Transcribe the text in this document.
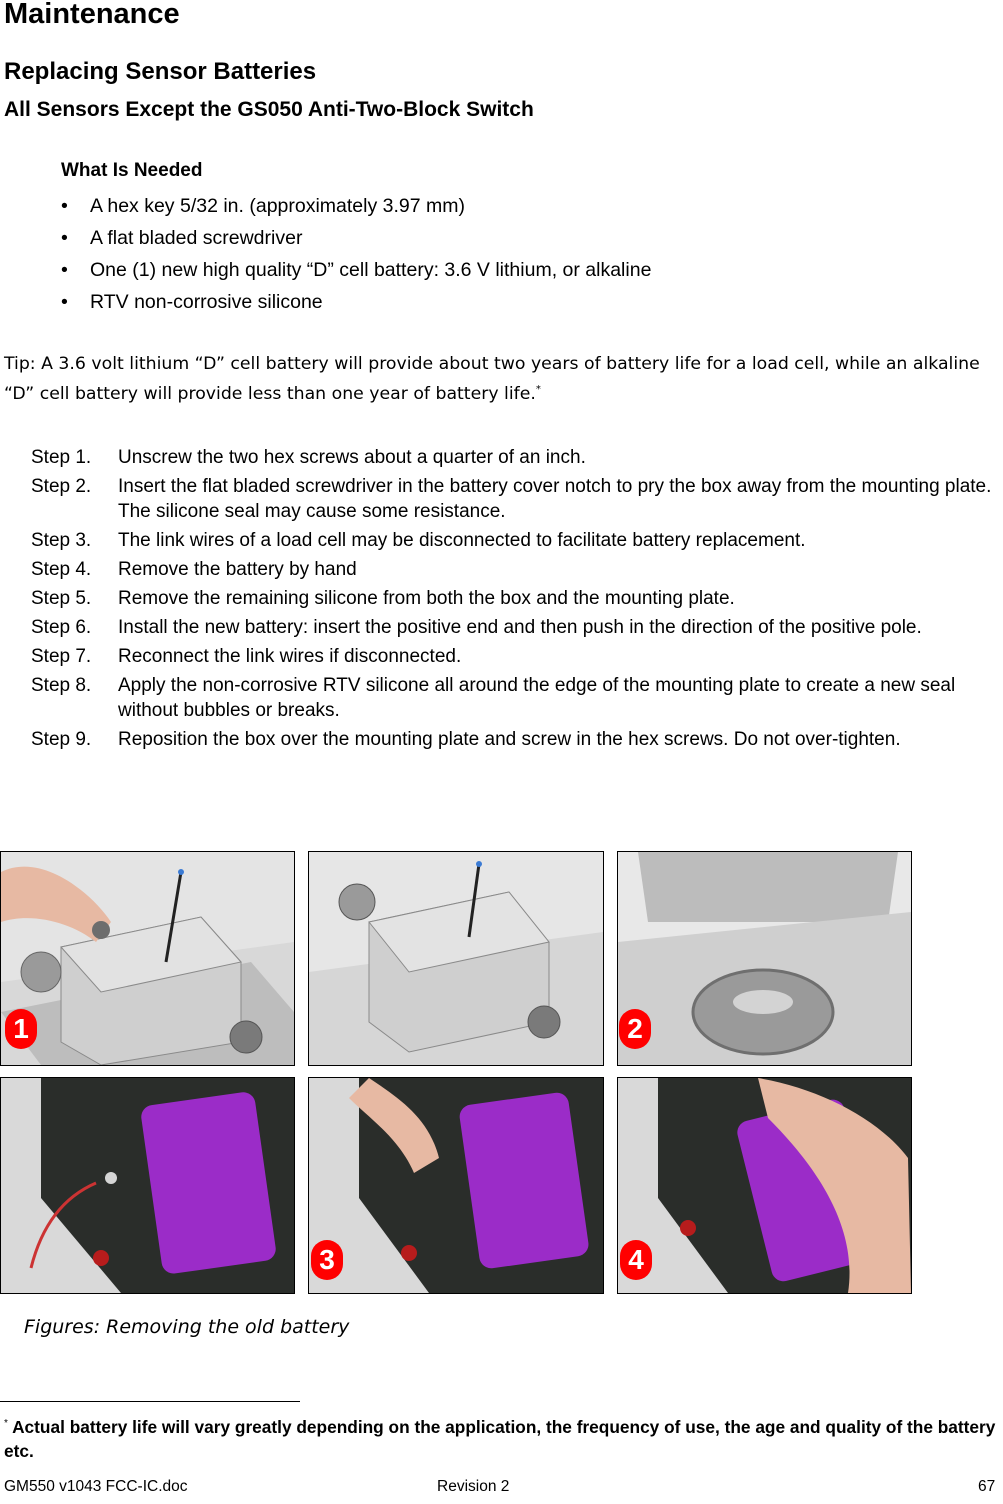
Maintenance
Replacing Sensor Batteries
All Sensors Except the GS050 Anti-Two-Block Switch
What Is Needed
• A hex key 5/32 in. (approximately 3.97 mm)
• A flat bladed screwdriver
• One (1) new high quality “D” cell battery: 3.6 V lithium, or alkaline
• RTV non-corrosive silicone
Tip: A 3.6 volt lithium “D” cell battery will provide about two years of battery life for a load cell, while an alkaline “D” cell battery will provide less than one year of battery life.*
Step 1. Unscrew the two hex screws about a quarter of an inch.
Step 2. Insert the flat bladed screwdriver in the battery cover notch to pry the box away from the mounting plate. The silicone seal may cause some resistance.
Step 3. The link wires of a load cell may be disconnected to facilitate battery replacement.
Step 4. Remove the battery by hand
Step 5. Remove the remaining silicone from both the box and the mounting plate.
Step 6. Install the new battery: insert the positive end and then push in the direction of the positive pole.
Step 7. Reconnect the link wires if disconnected.
Step 8. Apply the non-corrosive RTV silicone all around the edge of the mounting plate to create a new seal without bubbles or breaks.
Step 9. Reposition the box over the mounting plate and screw in the hex screws. Do not over-tighten.
1	2
3	4
Figures: Removing the old battery
* Actual battery life will vary greatly depending on the application, the frequency of use, the age and quality of the battery etc.
GM550 v1043 FCC-IC.doc	Revision 2	67
